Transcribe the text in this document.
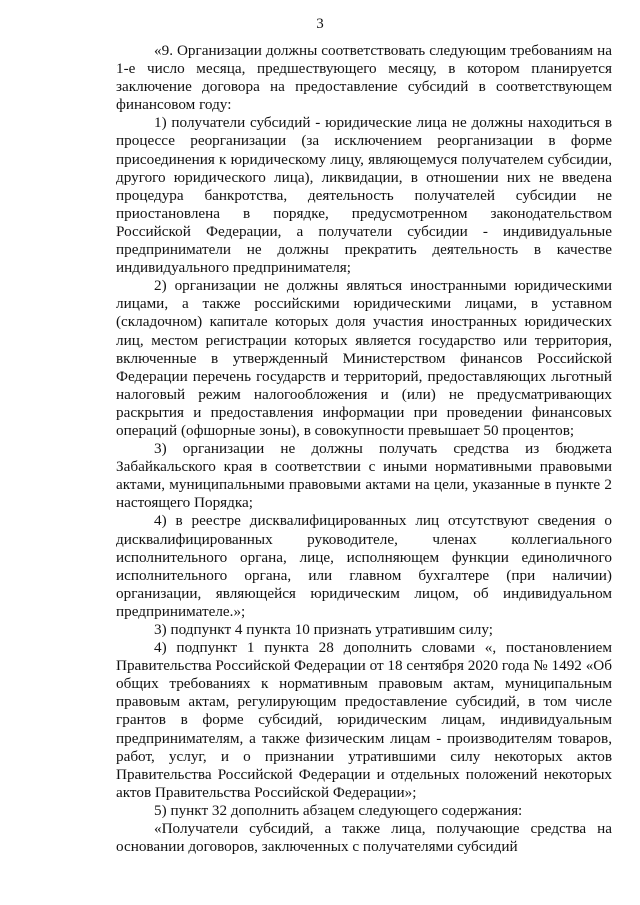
3

«9. Организации должны соответствовать следующим требованиям на 1-е число месяца, предшествующего месяцу, в котором планируется заключение договора на предоставление субсидий в соответствующем финансовом году:

1) получатели субсидий - юридические лица не должны находиться в процессе реорганизации (за исключением реорганизации в форме присоединения к юридическому лицу, являющемуся получателем субсидии, другого юридического лица), ликвидации, в отношении них не введена процедура банкротства, деятельность получателей субсидии не приостановлена в порядке, предусмотренном законодательством Российской Федерации, а получатели субсидии - индивидуальные предприниматели не должны прекратить деятельность в качестве индивидуального предпринимателя;

2) организации не должны являться иностранными юридическими лицами, а также российскими юридическими лицами, в уставном (складочном) капитале которых доля участия иностранных юридических лиц, местом регистрации которых является государство или территория, включенные в утвержденный Министерством финансов Российской Федерации перечень государств и территорий, предоставляющих льготный налоговый режим налогообложения и (или) не предусматривающих раскрытия и предоставления информации при проведении финансовых операций (офшорные зоны), в совокупности превышает 50 процентов;

3) организации не должны получать средства из бюджета Забайкальского края в соответствии с иными нормативными правовыми актами, муниципальными правовыми актами на цели, указанные в пункте 2 настоящего Порядка;

4) в реестре дисквалифицированных лиц отсутствуют сведения о дисквалифицированных руководителе, членах коллегиального исполнительного органа, лице, исполняющем функции единоличного исполнительного органа, или главном бухгалтере (при наличии) организации, являющейся юридическим лицом, об индивидуальном предпринимателе.»;

3) подпункт 4 пункта 10 признать утратившим силу;

4) подпункт 1 пункта 28 дополнить словами «, постановлением Правительства Российской Федерации от 18 сентября 2020 года № 1492 «Об общих требованиях к нормативным правовым актам, муниципальным правовым актам, регулирующим предоставление субсидий, в том числе грантов в форме субсидий, юридическим лицам, индивидуальным предпринимателям, а также физическим лицам - производителям товаров, работ, услуг, и о признании утратившими силу некоторых актов Правительства Российской Федерации и отдельных положений некоторых актов Правительства Российской Федерации»;

5) пункт 32 дополнить абзацем следующего содержания:

«Получатели субсидий, а также лица, получающие средства на основании договоров, заключенных с получателями субсидий
